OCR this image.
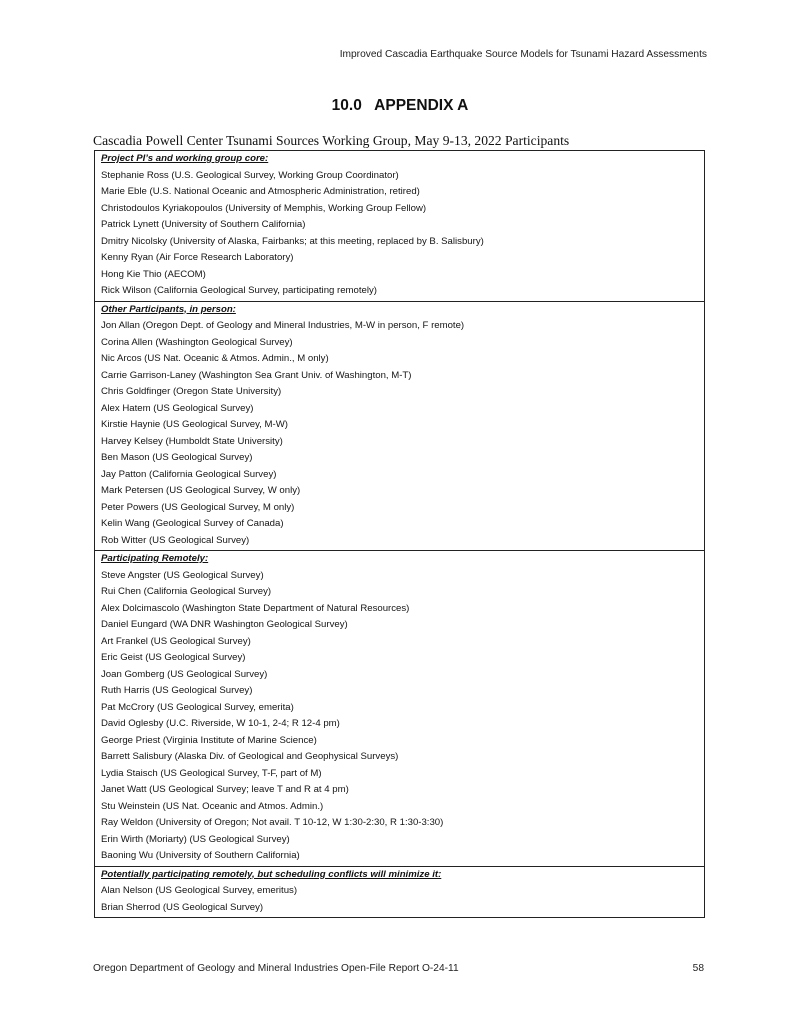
Improved Cascadia Earthquake Source Models for Tsunami Hazard Assessments
10.0   APPENDIX A
Cascadia Powell Center Tsunami Sources Working Group, May 9-13, 2022 Participants
Project PI’s and working group core:
Stephanie Ross (U.S. Geological Survey, Working Group Coordinator)
Marie Eble (U.S. National Oceanic and Atmospheric Administration, retired)
Christodoulos Kyriakopoulos (University of Memphis, Working Group Fellow)
Patrick Lynett (University of Southern California)
Dmitry Nicolsky (University of Alaska, Fairbanks; at this meeting, replaced by B. Salisbury)
Kenny Ryan (Air Force Research Laboratory)
Hong Kie Thio (AECOM)
Rick Wilson (California Geological Survey, participating remotely)
Other Participants, in person:
Jon Allan (Oregon Dept. of Geology and Mineral Industries, M-W in person, F remote)
Corina Allen (Washington Geological Survey)
Nic Arcos (US Nat. Oceanic & Atmos. Admin., M only)
Carrie Garrison-Laney (Washington Sea Grant Univ. of Washington, M-T)
Chris Goldfinger (Oregon State University)
Alex Hatem (US Geological Survey)
Kirstie Haynie (US Geological Survey, M-W)
Harvey Kelsey (Humboldt State University)
Ben Mason (US Geological Survey)
Jay Patton (California Geological Survey)
Mark Petersen (US Geological Survey, W only)
Peter Powers (US Geological Survey, M only)
Kelin Wang (Geological Survey of Canada)
Rob Witter (US Geological Survey)
Participating Remotely:
Steve Angster (US Geological Survey)
Rui Chen (California Geological Survey)
Alex Dolcimascolo (Washington State Department of Natural Resources)
Daniel Eungard (WA DNR Washington Geological Survey)
Art Frankel (US Geological Survey)
Eric Geist (US Geological Survey)
Joan Gomberg (US Geological Survey)
Ruth Harris (US Geological Survey)
Pat McCrory (US Geological Survey, emerita)
David Oglesby (U.C. Riverside, W 10-1, 2-4; R 12-4 pm)
George Priest (Virginia Institute of Marine Science)
Barrett Salisbury (Alaska Div. of Geological and Geophysical Surveys)
Lydia Staisch (US Geological Survey, T-F, part of M)
Janet Watt (US Geological Survey; leave T and R at 4 pm)
Stu Weinstein (US Nat. Oceanic and Atmos. Admin.)
Ray Weldon (University of Oregon; Not avail. T 10-12, W 1:30-2:30, R 1:30-3:30)
Erin Wirth (Moriarty) (US Geological Survey)
Baoning Wu (University of Southern California)
Potentially participating remotely, but scheduling conflicts will minimize it:
Alan Nelson (US Geological Survey, emeritus)
Brian Sherrod (US Geological Survey)
Oregon Department of Geology and Mineral Industries Open-File Report O-24-11	58
